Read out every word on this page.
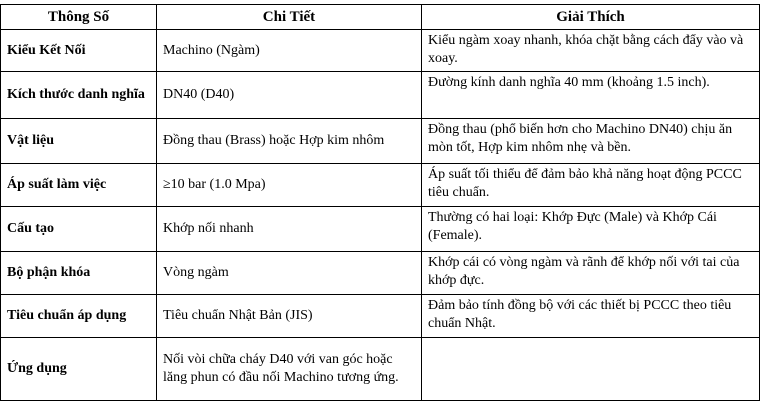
Thông Số	Chi Tiết	Giải Thích
Kiểu Kết Nối	Machino (Ngàm)	Kiểu ngàm xoay nhanh, khóa chặt bằng cách đẩy vào và xoay.
Kích thước danh nghĩa	DN40 (D40)	Đường kính danh nghĩa 40 mm (khoảng 1.5 inch).
Vật liệu	Đồng thau (Brass) hoặc Hợp kim nhôm	Đồng thau (phổ biến hơn cho Machino DN40) chịu ăn mòn tốt, Hợp kim nhôm nhẹ và bền.
Áp suất làm việc	≥10 bar (1.0 Mpa)	Áp suất tối thiểu để đảm bảo khả năng hoạt động PCCC tiêu chuẩn.
Cấu tạo	Khớp nối nhanh	Thường có hai loại: Khớp Đực (Male) và Khớp Cái (Female).
Bộ phận khóa	Vòng ngàm	Khớp cái có vòng ngàm và rãnh để khớp nối với tai của khớp đực.
Tiêu chuẩn áp dụng	Tiêu chuẩn Nhật Bản (JIS)	Đảm bảo tính đồng bộ với các thiết bị PCCC theo tiêu chuẩn Nhật.
Ứng dụng	Nối vòi chữa cháy D40 với van góc hoặc lăng phun có đầu nối Machino tương ứng.	
